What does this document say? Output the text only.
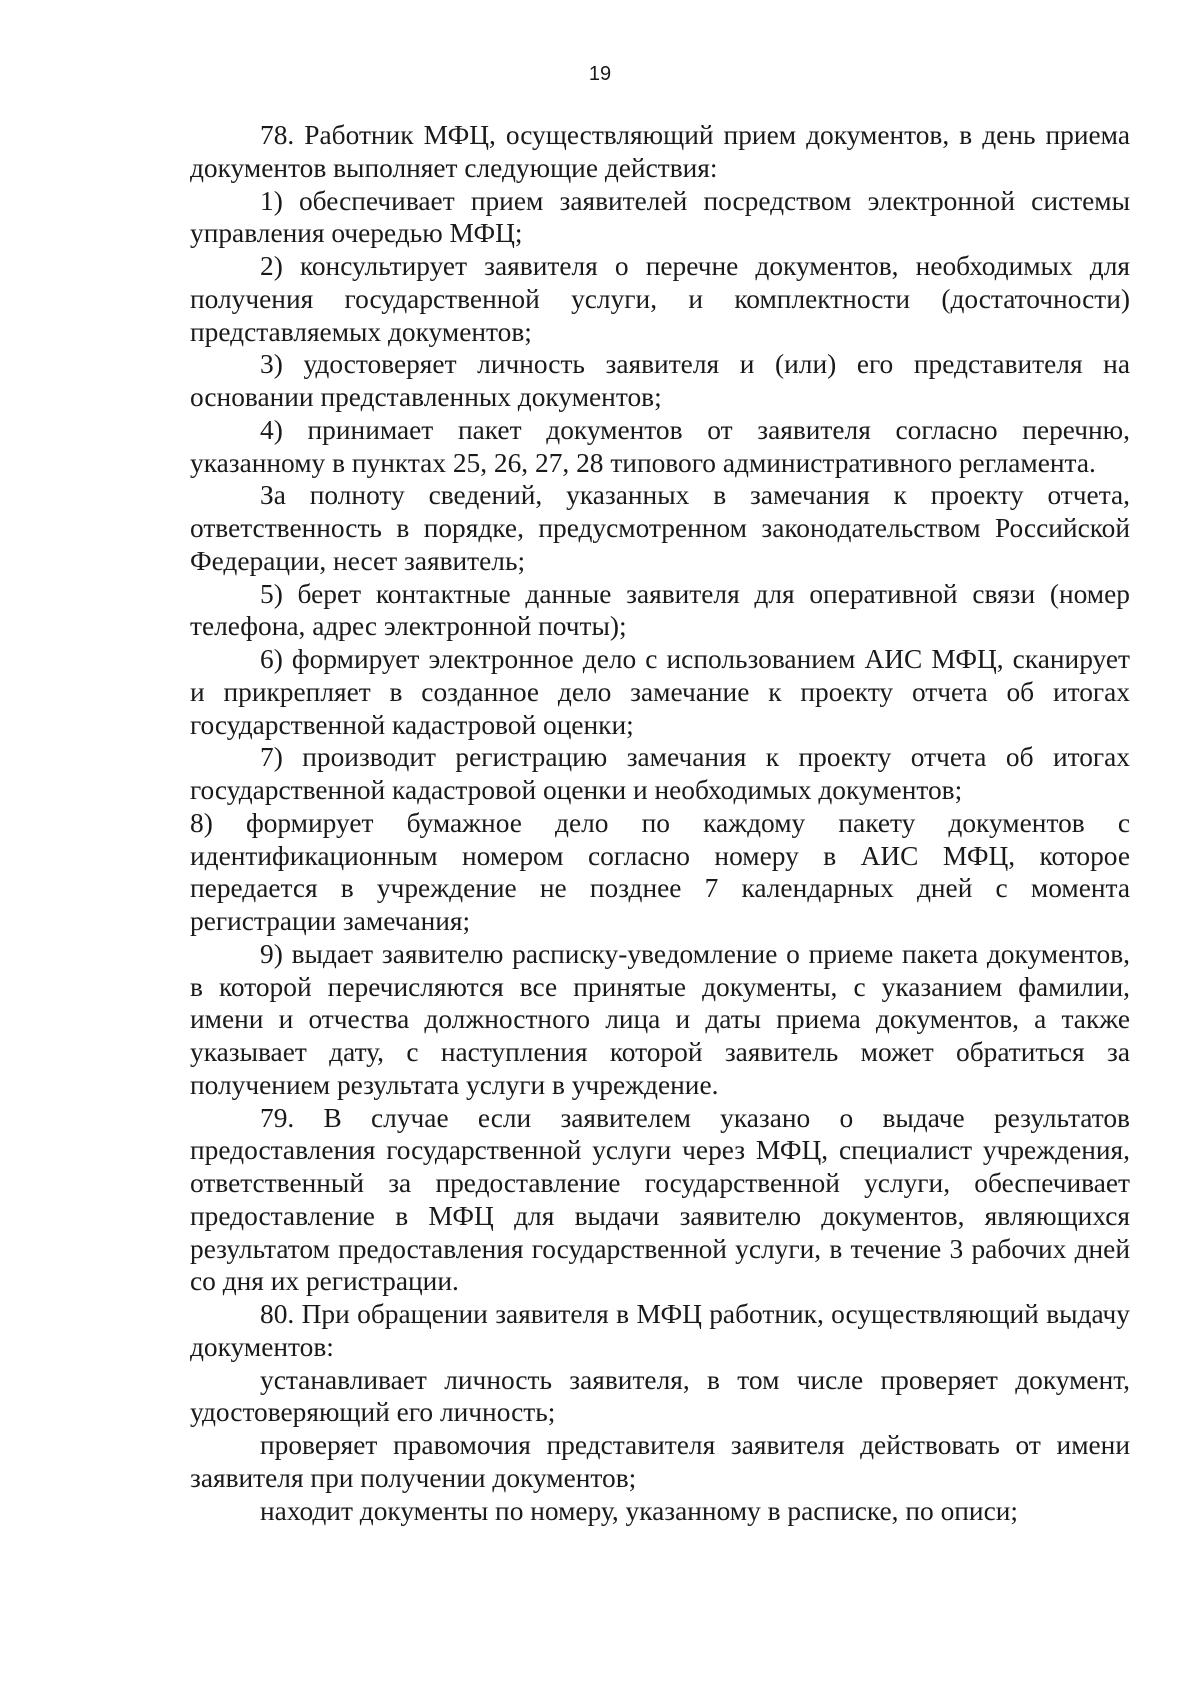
19

78. Работник МФЦ, осуществляющий прием документов, в день приема документов выполняет следующие действия:

1) обеспечивает прием заявителей посредством электронной системы управления очередью МФЦ;

2) консультирует заявителя о перечне документов, необходимых для получения государственной услуги, и комплектности (достаточности) представляемых документов;

3) удостоверяет личность заявителя и (или) его представителя на основании представленных документов;

4) принимает пакет документов от заявителя согласно перечню, указанному в пунктах 25, 26, 27, 28 типового административного регламента.

За полноту сведений, указанных в замечания к проекту отчета, ответственность в порядке, предусмотренном законодательством Российской Федерации, несет заявитель;

5) берет контактные данные заявителя для оперативной связи (номер телефона, адрес электронной почты);

6) формирует электронное дело с использованием АИС МФЦ, сканирует и прикрепляет в созданное дело замечание к проекту отчета об итогах государственной кадастровой оценки;

7) производит регистрацию замечания к проекту отчета об итогах государственной кадастровой оценки и необходимых документов;

8) формирует бумажное дело по каждому пакету документов с идентификационным номером согласно номеру в АИС МФЦ, которое передается в учреждение не позднее 7 календарных дней с момента регистрации замечания;

9) выдает заявителю расписку-уведомление о приеме пакета документов, в которой перечисляются все принятые документы, с указанием фамилии, имени и отчества должностного лица и даты приема документов, а также указывает дату, с наступления которой заявитель может обратиться за получением результата услуги в учреждение.

79. В случае если заявителем указано о выдаче результатов предоставления государственной услуги через МФЦ, специалист учреждения, ответственный за предоставление государственной услуги, обеспечивает предоставление в МФЦ для выдачи заявителю документов, являющихся результатом предоставления государственной услуги, в течение 3 рабочих дней со дня их регистрации.

80. При обращении заявителя в МФЦ работник, осуществляющий выдачу документов:

устанавливает личность заявителя, в том числе проверяет документ, удостоверяющий его личность;

проверяет правомочия представителя заявителя действовать от имени заявителя при получении документов;

находит документы по номеру, указанному в расписке, по описи;
